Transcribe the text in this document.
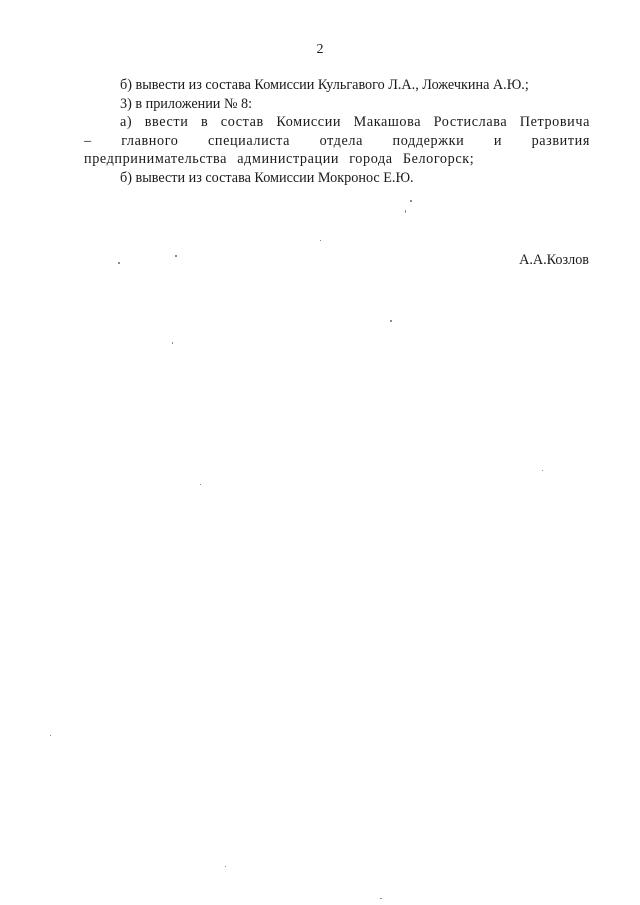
2

б) вывести из состава Комиссии Кульгавого Л.А., Ложечкина А.Ю.;

3) в приложении № 8:

а) ввести в состав Комиссии Макашова Ростислава Петровича – главного специалиста отдела поддержки и развития предпринимательства администрации города Белогорск;

б) вывести из состава Комиссии Мокронос Е.Ю.

А.А.Козлов
